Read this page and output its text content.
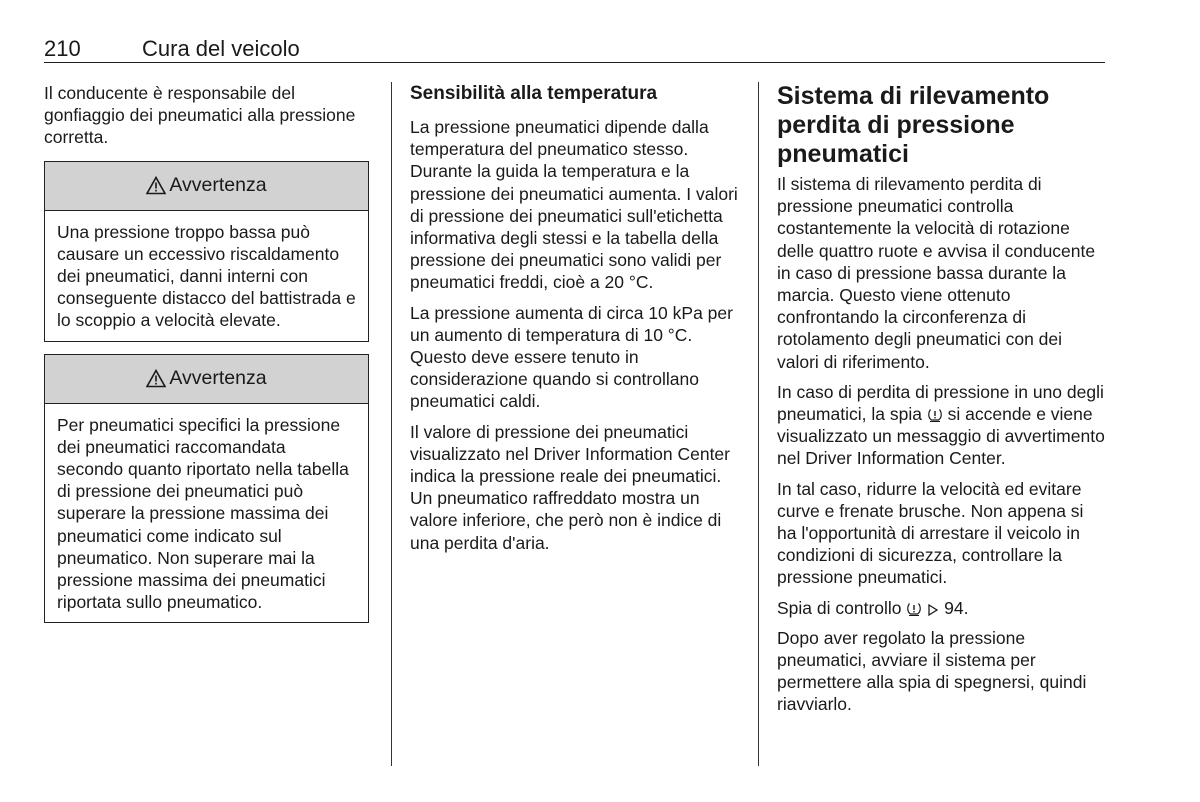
210	Cura del veicolo

Il conducente è responsabile del gonfiaggio dei pneumatici alla pressione corretta.

Avvertenza

Una pressione troppo bassa può causare un eccessivo riscaldamento dei pneumatici, danni interni con conseguente distacco del battistrada e lo scoppio a velocità elevate.

Avvertenza

Per pneumatici specifici la pressione dei pneumatici raccomandata secondo quanto riportato nella tabella di pressione dei pneumatici può superare la pressione massima dei pneumatici come indicato sul pneumatico. Non superare mai la pressione massima dei pneumatici riportata sullo pneumatico.

Sensibilità alla temperatura

La pressione pneumatici dipende dalla temperatura del pneumatico stesso. Durante la guida la temperatura e la pressione dei pneumatici aumenta. I valori di pressione dei pneumatici sull'etichetta informativa degli stessi e la tabella della pressione dei pneumatici sono validi per pneumatici freddi, cioè a 20 °C.

La pressione aumenta di circa 10 kPa per un aumento di temperatura di 10 °C. Questo deve essere tenuto in considerazione quando si controllano pneumatici caldi.

Il valore di pressione dei pneumatici visualizzato nel Driver Information Center indica la pressione reale dei pneumatici. Un pneumatico raffreddato mostra un valore inferiore, che però non è indice di una perdita d'aria.

Sistema di rilevamento perdita di pressione pneumatici

Il sistema di rilevamento perdita di pressione pneumatici controlla costantemente la velocità di rotazione delle quattro ruote e avvisa il conducente in caso di pressione bassa durante la marcia. Questo viene ottenuto confrontando la circonferenza di rotolamento degli pneumatici con dei valori di riferimento.

In caso di perdita di pressione in uno degli pneumatici, la spia  si accende e viene visualizzato un messaggio di avvertimento nel Driver Information Center.

In tal caso, ridurre la velocità ed evitare curve e frenate brusche. Non appena si ha l'opportunità di arrestare il veicolo in condizioni di sicurezza, controllare la pressione pneumatici.

Spia di controllo   94.

Dopo aver regolato la pressione pneumatici, avviare il sistema per permettere alla spia di spegnersi, quindi riavviarlo.
